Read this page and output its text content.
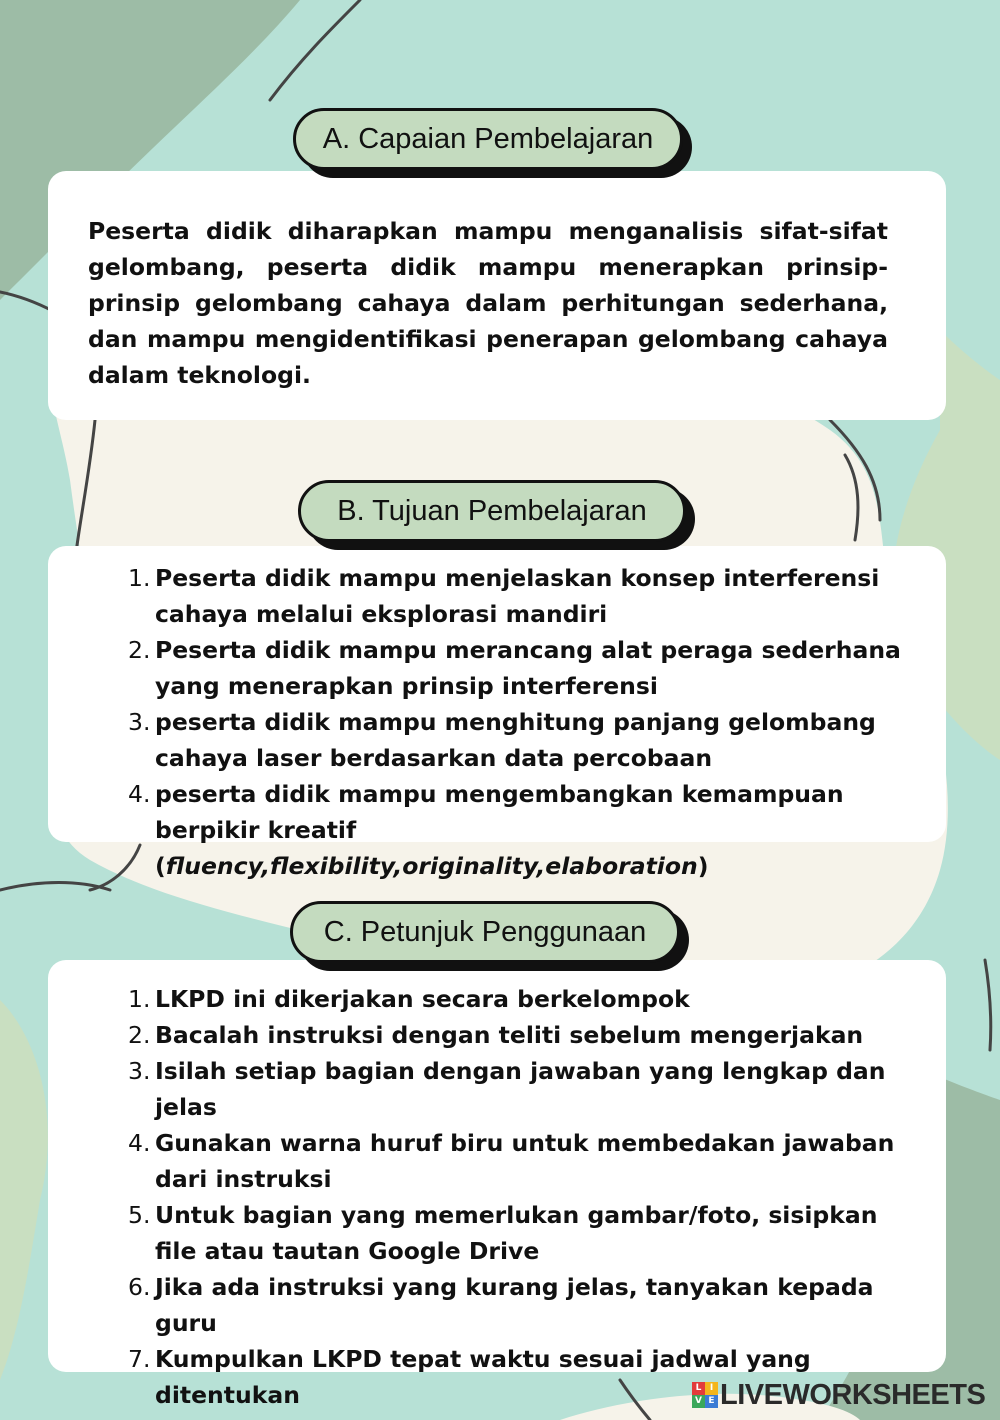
A. Capaian Pembelajaran

Peserta didik diharapkan mampu menganalisis sifat-sifat gelombang, peserta didik mampu menerapkan prinsip-prinsip gelombang cahaya dalam perhitungan sederhana, dan mampu mengidentifikasi penerapan gelombang cahaya dalam teknologi.

B. Tujuan Pembelajaran
1. Peserta didik mampu menjelaskan konsep interferensi cahaya melalui eksplorasi mandiri
2. Peserta didik mampu merancang alat peraga sederhana yang menerapkan prinsip interferensi
3. peserta didik mampu menghitung panjang gelombang cahaya laser berdasarkan data percobaan
4. peserta didik mampu mengembangkan kemampuan berpikir kreatif (fluency,flexibility,originality,elaboration)
C. Petunjuk Penggunaan
1. LKPD ini dikerjakan secara berkelompok
2. Bacalah instruksi dengan teliti sebelum mengerjakan
3. Isilah setiap bagian dengan jawaban yang lengkap dan jelas
4. Gunakan warna huruf biru untuk membedakan jawaban dari instruksi
5. Untuk bagian yang memerlukan gambar/foto, sisipkan file atau tautan Google Drive
6. Jika ada instruksi yang kurang jelas, tanyakan kepada guru
7. Kumpulkan LKPD tepat waktu sesuai jadwal yang ditentukan	L I
V E LIVEWORKSHEETS
